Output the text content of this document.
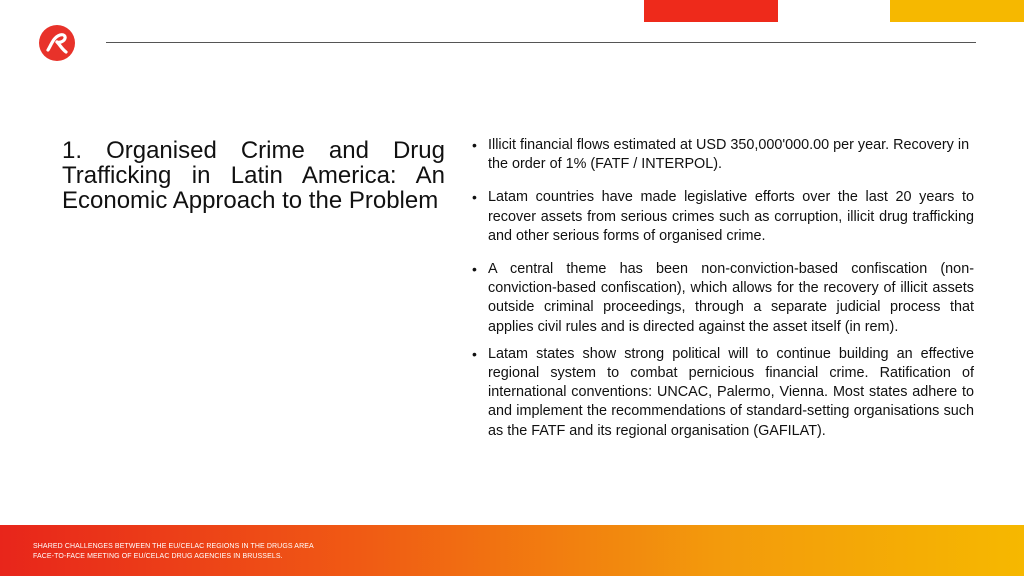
1. Organised Crime and Drug Trafficking in Latin America: An Economic Approach to the Problem
• Illicit financial flows estimated at USD 350,000'000.00 per year. Recovery in the order of 1% (FATF / INTERPOL).
• Latam countries have made legislative efforts over the last 20 years to recover assets from serious crimes such as corruption, illicit drug trafficking and other serious forms of organised crime.
• A central theme has been non-conviction-based confiscation (non-conviction-based confiscation), which allows for the recovery of illicit assets outside criminal proceedings, through a separate judicial process that applies civil rules and is directed against the asset itself (in rem).
• Latam states show strong political will to continue building an effective regional system to combat pernicious financial crime. Ratification of international conventions: UNCAC, Palermo, Vienna. Most states adhere to and implement the recommendations of standard-setting organisations such as the FATF and its regional organisation (GAFILAT).
SHARED CHALLENGES BETWEEN THE EU/CELAC REGIONS IN THE DRUGS AREA
FACE-TO-FACE MEETING OF EU/CELAC DRUG AGENCIES IN BRUSSELS.
